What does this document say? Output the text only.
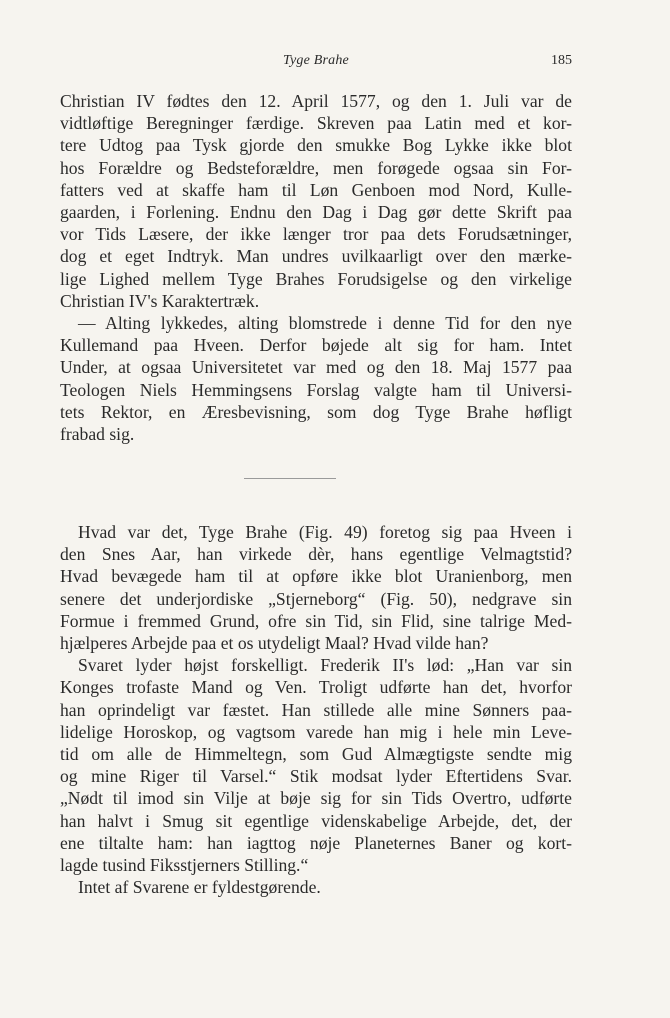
Tyge Brahe	185
Christian IV fødtes den 12. April 1577, og den 1. Juli var de
vidtløftige Beregninger færdige. Skreven paa Latin med et kor-
tere Udtog paa Tysk gjorde den smukke Bog Lykke ikke blot
hos Forældre og Bedsteforældre, men forøgede ogsaa sin For-
fatters ved at skaffe ham til Løn Genboen mod Nord, Kulle-
gaarden, i Forlening. Endnu den Dag i Dag gør dette Skrift paa
vor Tids Læsere, der ikke længer tror paa dets Forudsætninger,
dog et eget Indtryk. Man undres uvilkaarligt over den mærke-
lige Lighed mellem Tyge Brahes Forudsigelse og den virkelige
Christian IV's Karaktertræk.
— Alting lykkedes, alting blomstrede i denne Tid for den nye
Kullemand paa Hveen. Derfor bøjede alt sig for ham. Intet
Under, at ogsaa Universitetet var med og den 18. Maj 1577 paa
Teologen Niels Hemmingsens Forslag valgte ham til Universi-
tets Rektor, en Æresbevisning, som dog Tyge Brahe høfligt
frabad sig.
Hvad var det, Tyge Brahe (Fig. 49) foretog sig paa Hveen i
den Snes Aar, han virkede dèr, hans egentlige Velmagtstid?
Hvad bevægede ham til at opføre ikke blot Uranienborg, men
senere det underjordiske „Stjerneborg“ (Fig. 50), nedgrave sin
Formue i fremmed Grund, ofre sin Tid, sin Flid, sine talrige Med-
hjælperes Arbejde paa et os utydeligt Maal? Hvad vilde han?
Svaret lyder højst forskelligt. Frederik II's lød: „Han var sin
Konges trofaste Mand og Ven. Troligt udførte han det, hvorfor
han oprindeligt var fæstet. Han stillede alle mine Sønners paa-
lidelige Horoskop, og vagtsom varede han mig i hele min Leve-
tid om alle de Himmeltegn, som Gud Almægtigste sendte mig
og mine Riger til Varsel.“ Stik modsat lyder Eftertidens Svar.
„Nødt til imod sin Vilje at bøje sig for sin Tids Overtro, udførte
han halvt i Smug sit egentlige videnskabelige Arbejde, det, der
ene tiltalte ham: han iagttog nøje Planeternes Baner og kort-
lagde tusind Fiksstjerners Stilling.“
Intet af Svarene er fyldestgørende.
